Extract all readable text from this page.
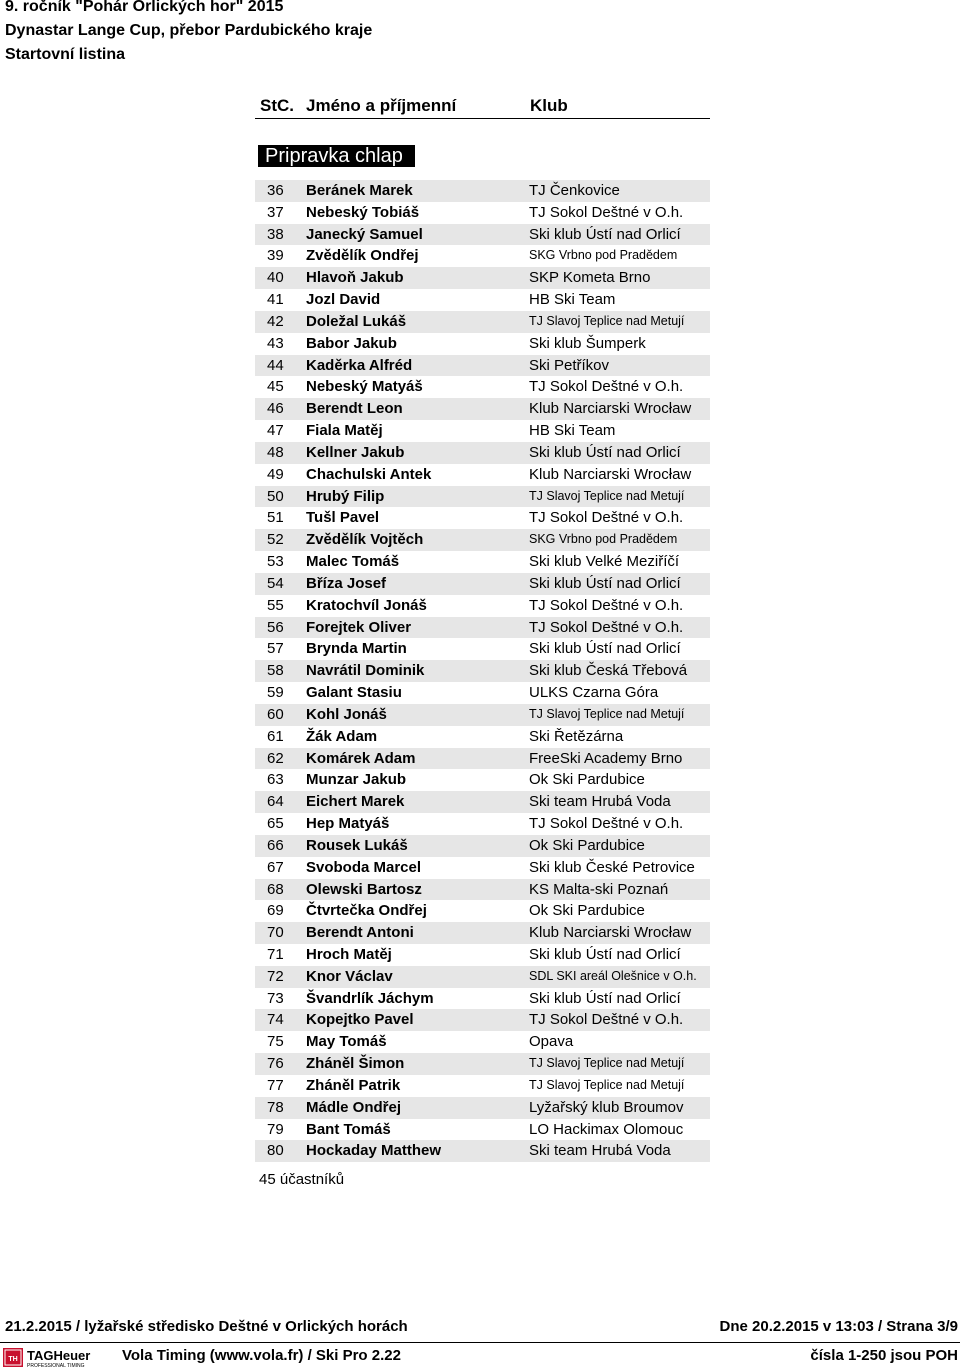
9. ročník "Pohár Orlických hor" 2015
Dynastar Lange Cup, přebor Pardubického kraje
Startovní listina
StC. Jméno a příjmenní	Klub
Pripravka chlap
36 Beránek Marek	TJ Čenkovice
37 Nebeský Tobiáš	TJ Sokol Deštné v O.h.
38 Janecký Samuel	Ski klub Ústí nad Orlicí
39 Zvědělík Ondřej	SKG Vrbno pod Pradědem
40 Hlavoň Jakub	SKP Kometa Brno
41 Jozl David	HB Ski Team
42 Doležal Lukáš	TJ Slavoj Teplice nad Metují
43 Babor Jakub	Ski klub Šumperk
44 Kaděrka Alfréd	Ski Petříkov
45 Nebeský Matyáš	TJ Sokol Deštné v O.h.
46 Berendt Leon	Klub Narciarski Wrocław
47 Fiala Matěj	HB Ski Team
48 Kellner Jakub	Ski klub Ústí nad Orlicí
49 Chachulski Antek	Klub Narciarski Wrocław
50 Hrubý Filip	TJ Slavoj Teplice nad Metují
51 Tušl Pavel	TJ Sokol Deštné v O.h.
52 Zvědělík Vojtěch	SKG Vrbno pod Pradědem
53 Malec Tomáš	Ski klub Velké Meziříčí
54 Bříza Josef	Ski klub Ústí nad Orlicí
55 Kratochvíl Jonáš	TJ Sokol Deštné v O.h.
56 Forejtek Oliver	TJ Sokol Deštné v O.h.
57 Brynda Martin	Ski klub Ústí nad Orlicí
58 Navrátil Dominik	Ski klub Česká Třebová
59 Galant Stasiu	ULKS Czarna Góra
60 Kohl Jonáš	TJ Slavoj Teplice nad Metují
61 Žák Adam	Ski Řetězárna
62 Komárek Adam	FreeSki Academy Brno
63 Munzar Jakub	Ok Ski Pardubice
64 Eichert Marek	Ski team Hrubá Voda
65 Hep Matyáš	TJ Sokol Deštné v O.h.
66 Rousek Lukáš	Ok Ski Pardubice
67 Svoboda Marcel	Ski klub České Petrovice
68 Olewski Bartosz	KS Malta-ski Poznań
69 Čtvrtečka Ondřej	Ok Ski Pardubice
70 Berendt Antoni	Klub Narciarski Wrocław
71 Hroch Matěj	Ski klub Ústí nad Orlicí
72 Knor Václav	SDL SKI areál Olešnice v O.h.
73 Švandrlík Jáchym	Ski klub Ústí nad Orlicí
74 Kopejtko Pavel	TJ Sokol Deštné v O.h.
75 May Tomáš	Opava
76 Zháněl Šimon	TJ Slavoj Teplice nad Metují
77 Zháněl Patrik	TJ Slavoj Teplice nad Metují
78 Mádle Ondřej	Lyžařský klub Broumov
79 Bant Tomáš	LO Hackimax Olomouc
80 Hockaday Matthew	Ski team Hrubá Voda
45 účastníků
21.2.2015 / lyžařské středisko Deštné v Orlických horách	Dne 20.2.2015 v 13:03 / Strana 3/9
TH TAGHeuer
PROFESSIONAL TIMING
Vola Timing (www.vola.fr) / Ski Pro 2.22	čísla 1-250 jsou POH
